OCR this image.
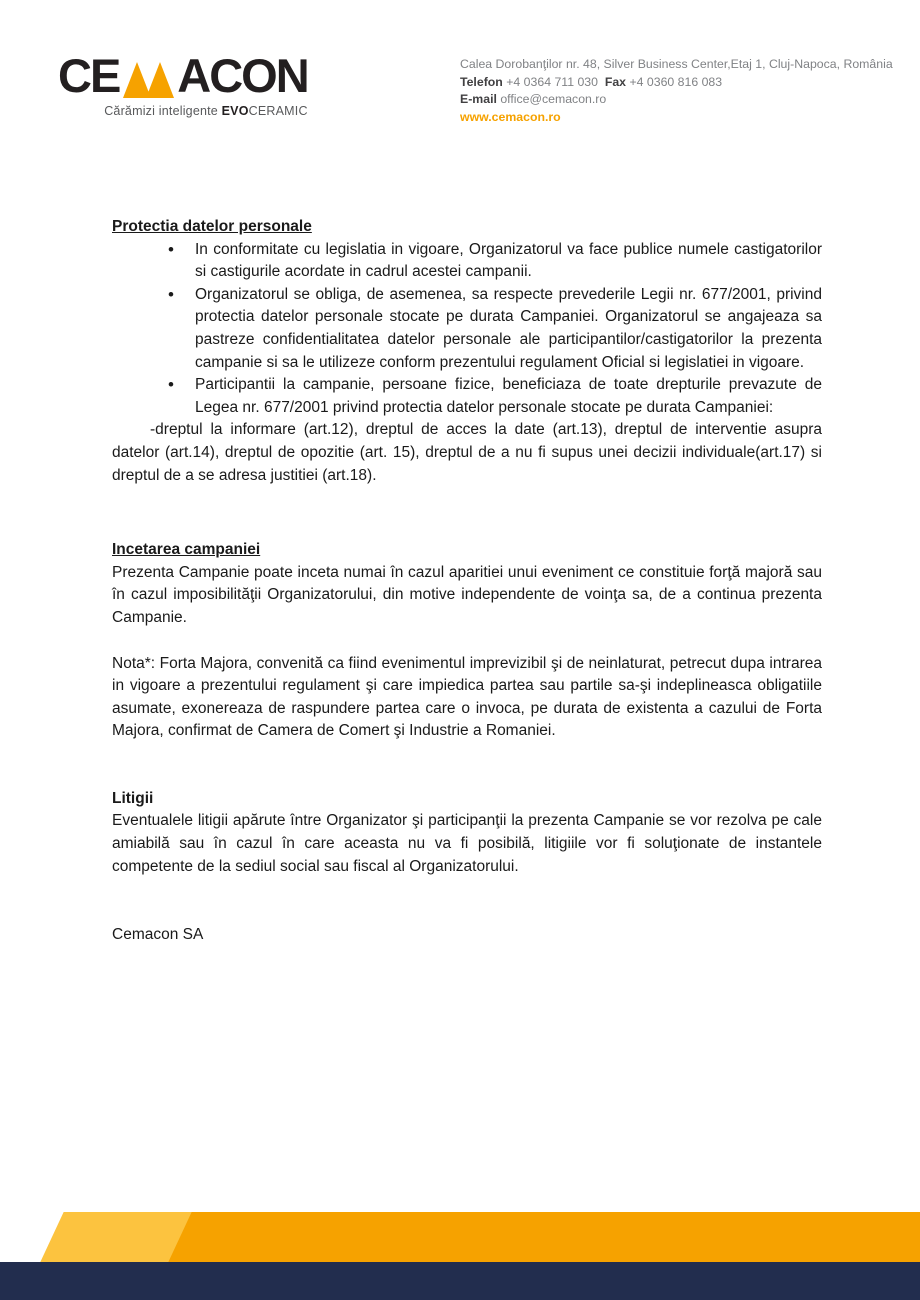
CE ACON
Cărămizi inteligente EVOCERAMIC
Calea Dorobanţilor nr. 48, Silver Business Center,Etaj 1, Cluj-Napoca, România
Telefon +4 0364 711 030 Fax +4 0360 816 083
E-mail office@cemacon.ro
www.cemacon.ro
Protectia datelor personale
• In conformitate cu legislatia in vigoare, Organizatorul va face publice numele castigatorilor si castigurile acordate in cadrul acestei campanii.
• Organizatorul se obliga, de asemenea, sa respecte prevederile Legii nr. 677/2001, privind protectia datelor personale stocate pe durata Campaniei. Organizatorul se angajeaza sa pastreze confidentialitatea datelor personale ale participantilor/castigatorilor la prezenta campanie si sa le utilizeze conform prezentului regulament Oficial si legislatiei in vigoare.
• Participantii la campanie, persoane fizice, beneficiaza de toate drepturile prevazute de Legea nr. 677/2001 privind protectia datelor personale stocate pe durata Campaniei:

-dreptul la informare (art.12), dreptul de acces la date (art.13), dreptul de interventie asupra datelor (art.14), dreptul de opozitie (art. 15), dreptul de a nu fi supus unei decizii individuale(art.17) si dreptul de a se adresa justitiei (art.18).

Incetarea campaniei

Prezenta Campanie poate inceta numai în cazul aparitiei unui eveniment ce constituie forţă majoră sau în cazul imposibilităţii Organizatorului, din motive independente de voinţa sa, de a continua prezenta Campanie.

Nota*: Forta Majora, convenită ca fiind evenimentul imprevizibil şi de neinlaturat, petrecut dupa intrarea in vigoare a prezentului regulament şi care impiedica partea sau partile sa-şi indeplineasca obligatiile asumate, exonereaza de raspundere partea care o invoca, pe durata de existenta a cazului de Forta Majora, confirmat de Camera de Comert şi Industrie a Romaniei.

Litigii

Eventualele litigii apărute între Organizator şi participanţii la prezenta Campanie se vor rezolva pe cale amiabilă sau în cazul în care aceasta nu va fi posibilă, litigiile vor fi soluţionate de instantele competente de la sediul social sau fiscal al Organizatorului.

Cemacon SA
